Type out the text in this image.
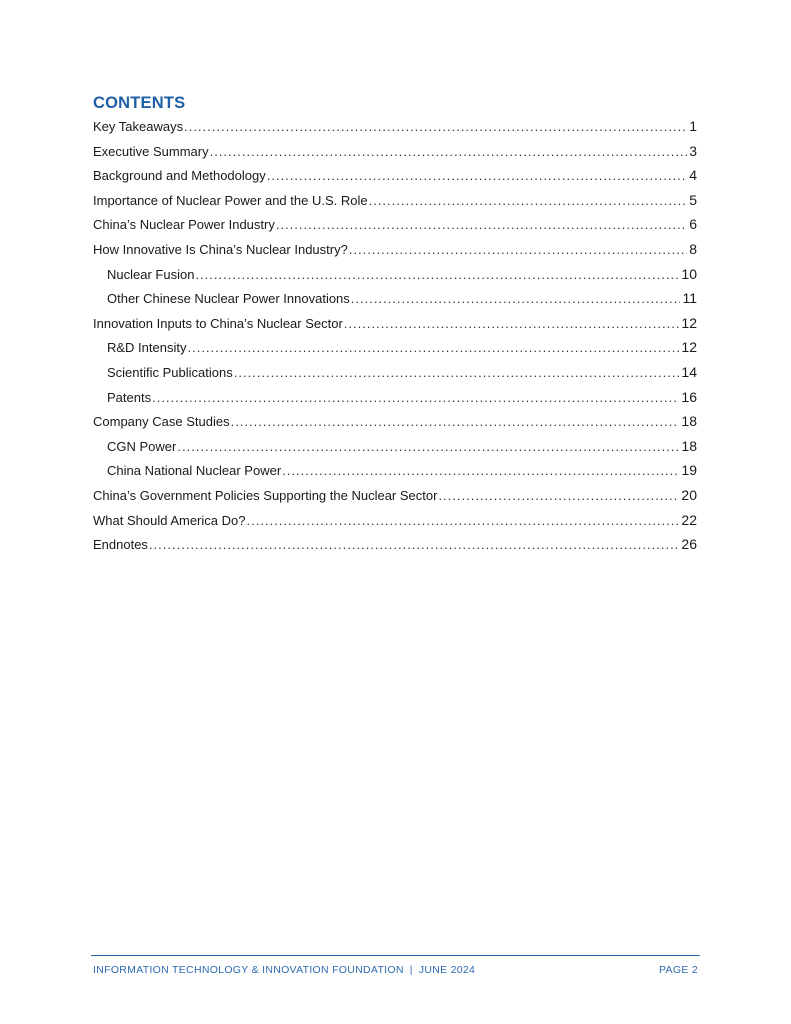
CONTENTS
Key Takeaways .....	1
Executive Summary .....	3
Background and Methodology .....	4
Importance of Nuclear Power and the U.S. Role .....	5
China’s Nuclear Power Industry .....	6
How Innovative Is China’s Nuclear Industry? .....	8
Nuclear Fusion .....	10
Other Chinese Nuclear Power Innovations .....	11
Innovation Inputs to China’s Nuclear Sector .....	12
R&D Intensity .....	12
Scientific Publications .....	14
Patents .....	16
Company Case Studies .....	18
CGN Power .....	18
China National Nuclear Power .....	19
China’s Government Policies Supporting the Nuclear Sector .....	20
What Should America Do? .....	22
Endnotes .....	26
INFORMATION TECHNOLOGY & INNOVATION FOUNDATION | JUNE 2024	PAGE 2
